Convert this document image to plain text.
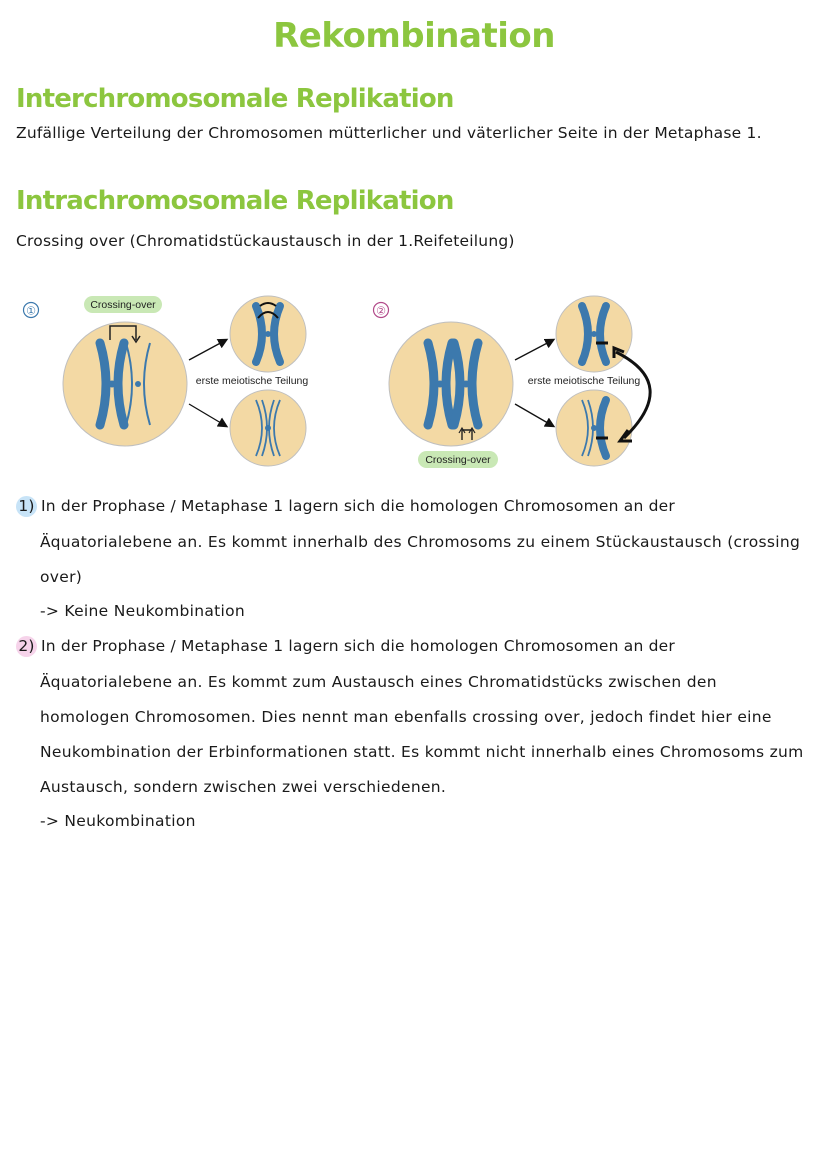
Rekombination
Interchromosomale Replikation
Zufällige Verteilung der Chromosomen mütterlicher und väterlicher Seite in der Metaphase 1.
Intrachromosomale Replikation
Crossing over (Chromatidstückaustausch in der 1.Reifeteilung)
①
Crossing-over
erste meiotische Teilung
②
Crossing-over
erste meiotische Teilung
1) In der Prophase / Metaphase 1 lagern sich die homologen Chromosomen an der
Äquatorialebene an. Es kommt innerhalb des Chromosoms zu einem Stückaustausch (crossing
over)
-> Keine Neukombination
2) In der Prophase / Metaphase 1 lagern sich die homologen Chromosomen an der
Äquatorialebene an. Es kommt zum Austausch eines Chromatidstücks zwischen den
homologen Chromosomen. Dies nennt man ebenfalls crossing over, jedoch findet hier eine
Neukombination der Erbinformationen statt. Es kommt nicht innerhalb eines Chromosoms zum
Austausch, sondern zwischen zwei verschiedenen.
-> Neukombination
